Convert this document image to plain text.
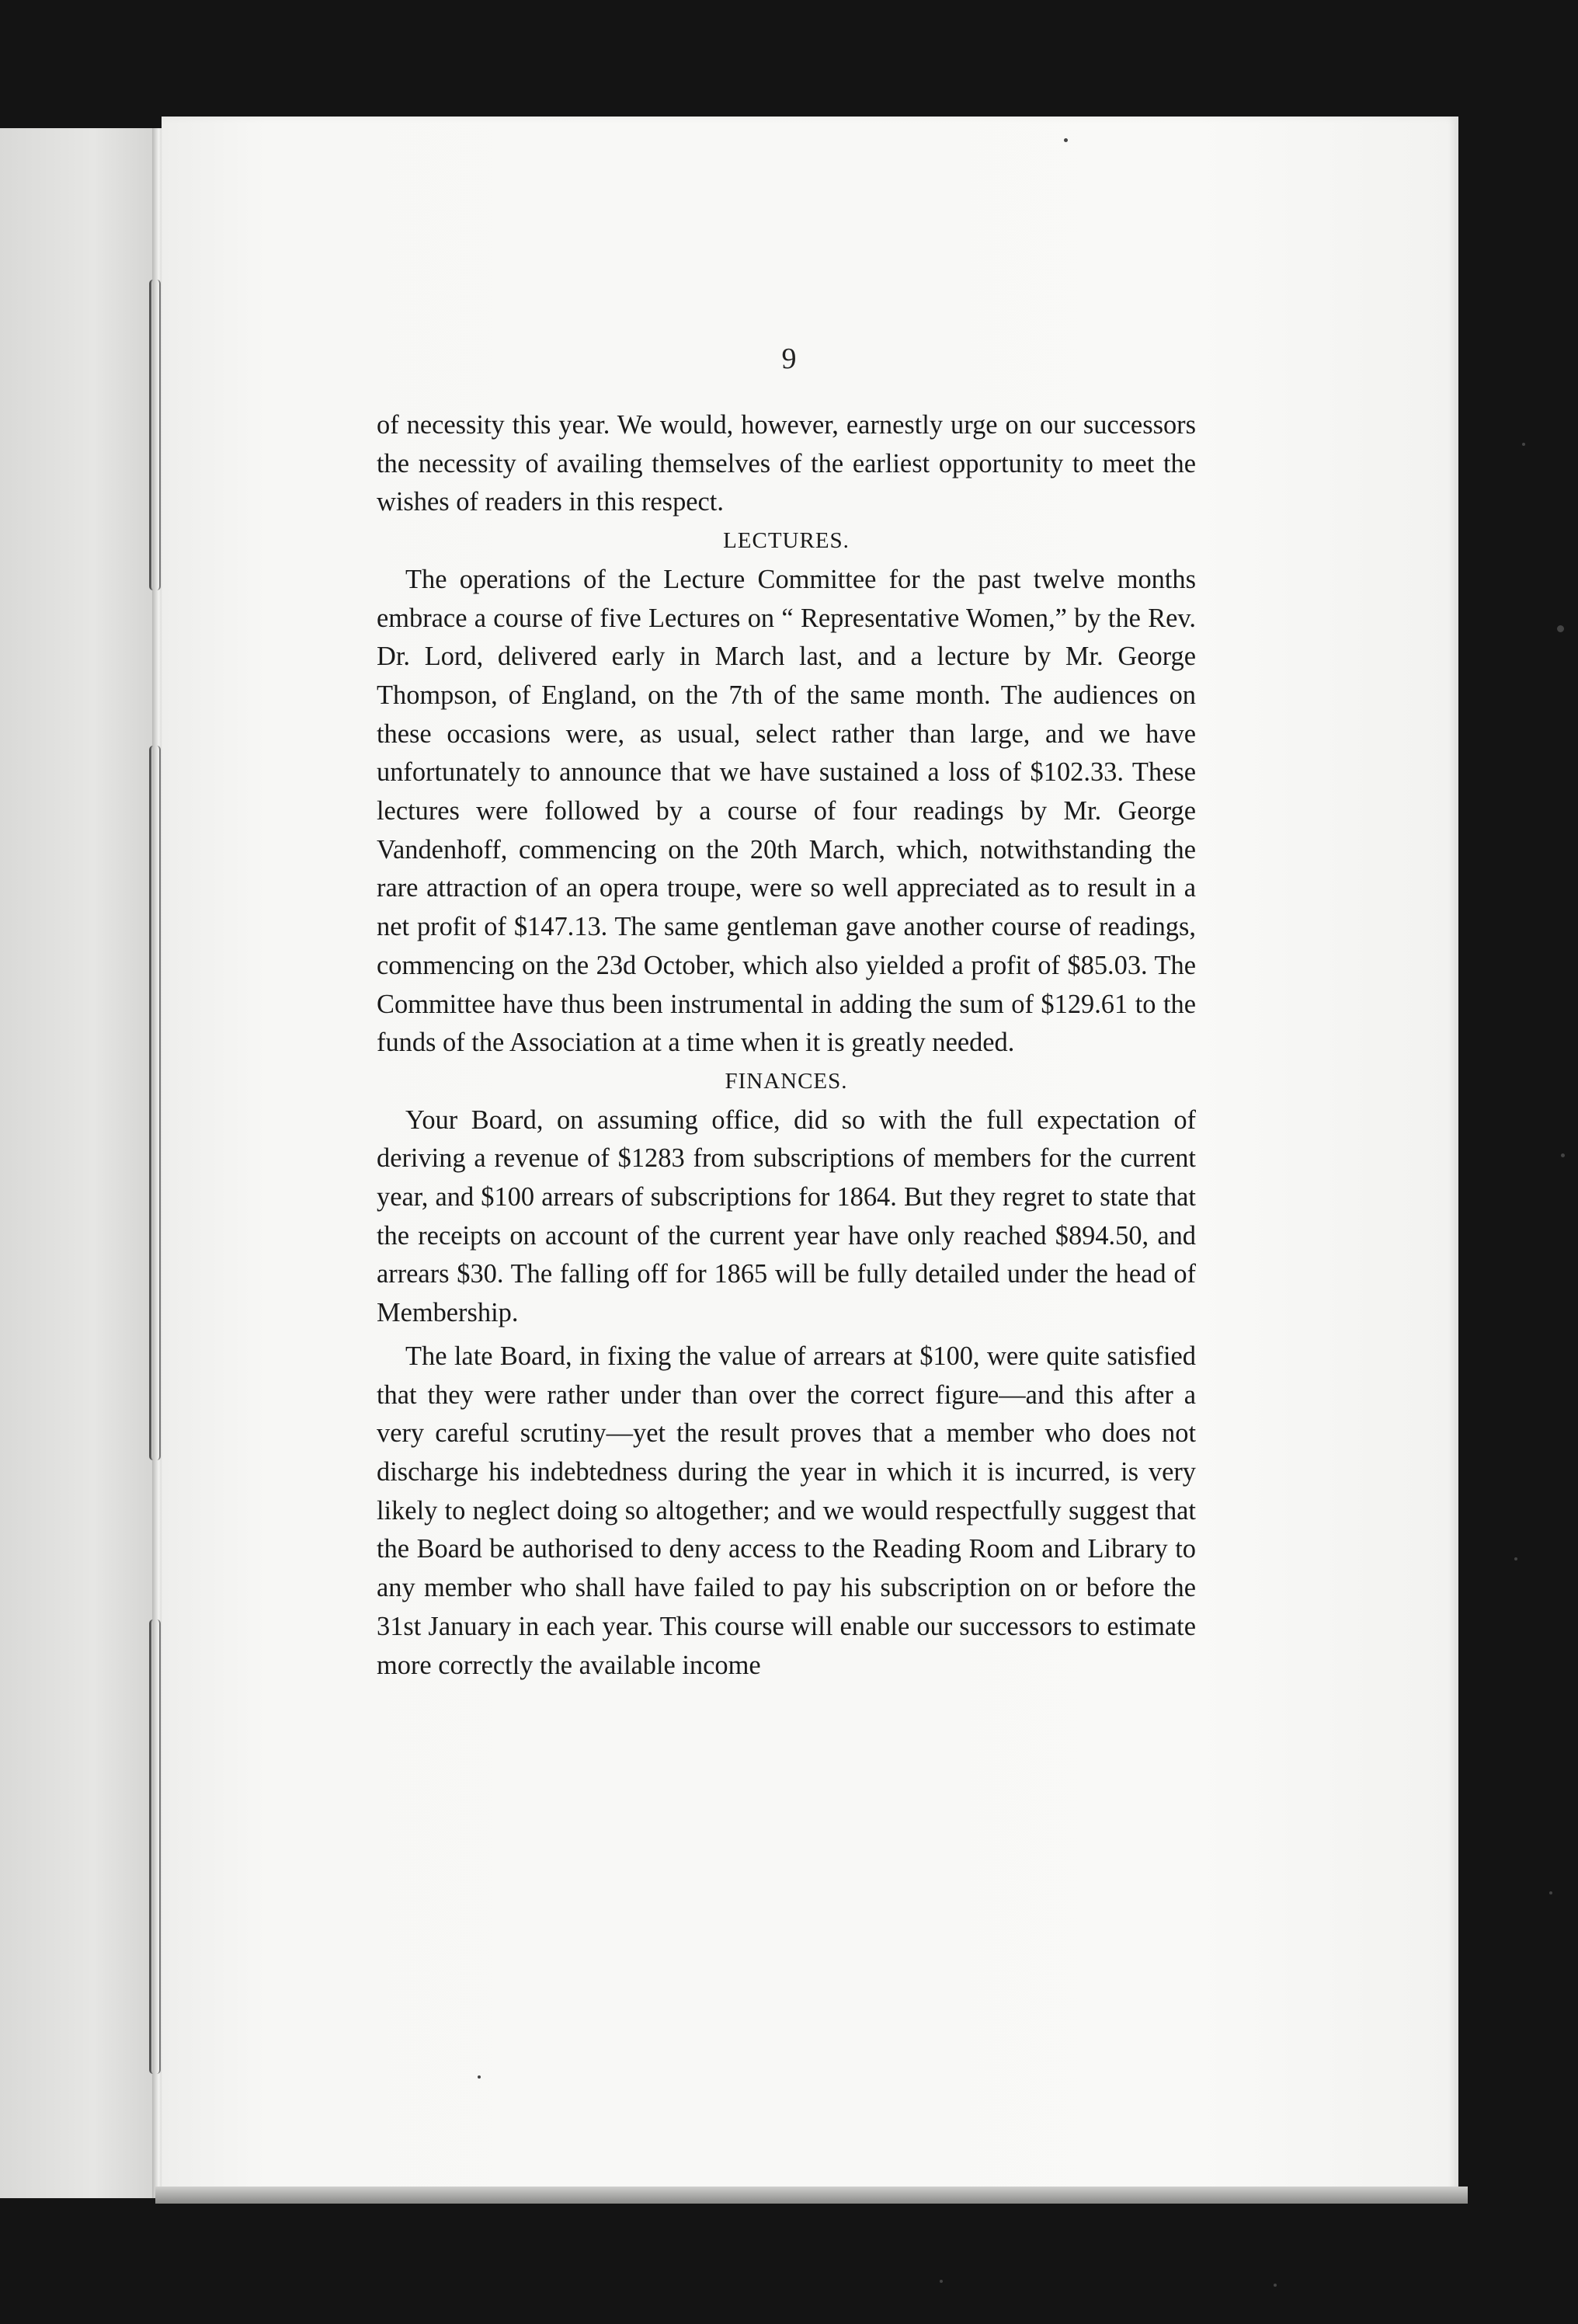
9

of necessity this year. We would, however, earnestly urge on our successors the necessity of availing themselves of the earliest opportunity to meet the wishes of readers in this respect.

LECTURES.

The operations of the Lecture Committee for the past twelve months embrace a course of five Lectures on “ Representative Women,” by the Rev. Dr. Lord, delivered early in March last, and a lecture by Mr. George Thompson, of England, on the 7th of the same month. The audiences on these occasions were, as usual, select rather than large, and we have unfortunately to announce that we have sustained a loss of $102.33. These lectures were followed by a course of four readings by Mr. George Vandenhoff, commencing on the 20th March, which, notwithstanding the rare attraction of an opera troupe, were so well appreciated as to result in a net profit of $147.13. The same gentleman gave another course of readings, commencing on the 23d October, which also yielded a profit of $85.03. The Committee have thus been instrumental in adding the sum of $129.61 to the funds of the Association at a time when it is greatly needed.

FINANCES.

Your Board, on assuming office, did so with the full expectation of deriving a revenue of $1283 from subscriptions of members for the current year, and $100 arrears of subscriptions for 1864. But they regret to state that the receipts on account of the current year have only reached $894.50, and arrears $30. The falling off for 1865 will be fully detailed under the head of Membership.

The late Board, in fixing the value of arrears at $100, were quite satisfied that they were rather under than over the correct figure—and this after a very careful scrutiny—yet the result proves that a member who does not discharge his indebtedness during the year in which it is incurred, is very likely to neglect doing so altogether; and we would respectfully suggest that the Board be authorised to deny access to the Reading Room and Library to any member who shall have failed to pay his subscription on or before the 31st January in each year. This course will enable our successors to estimate more correctly the available income
